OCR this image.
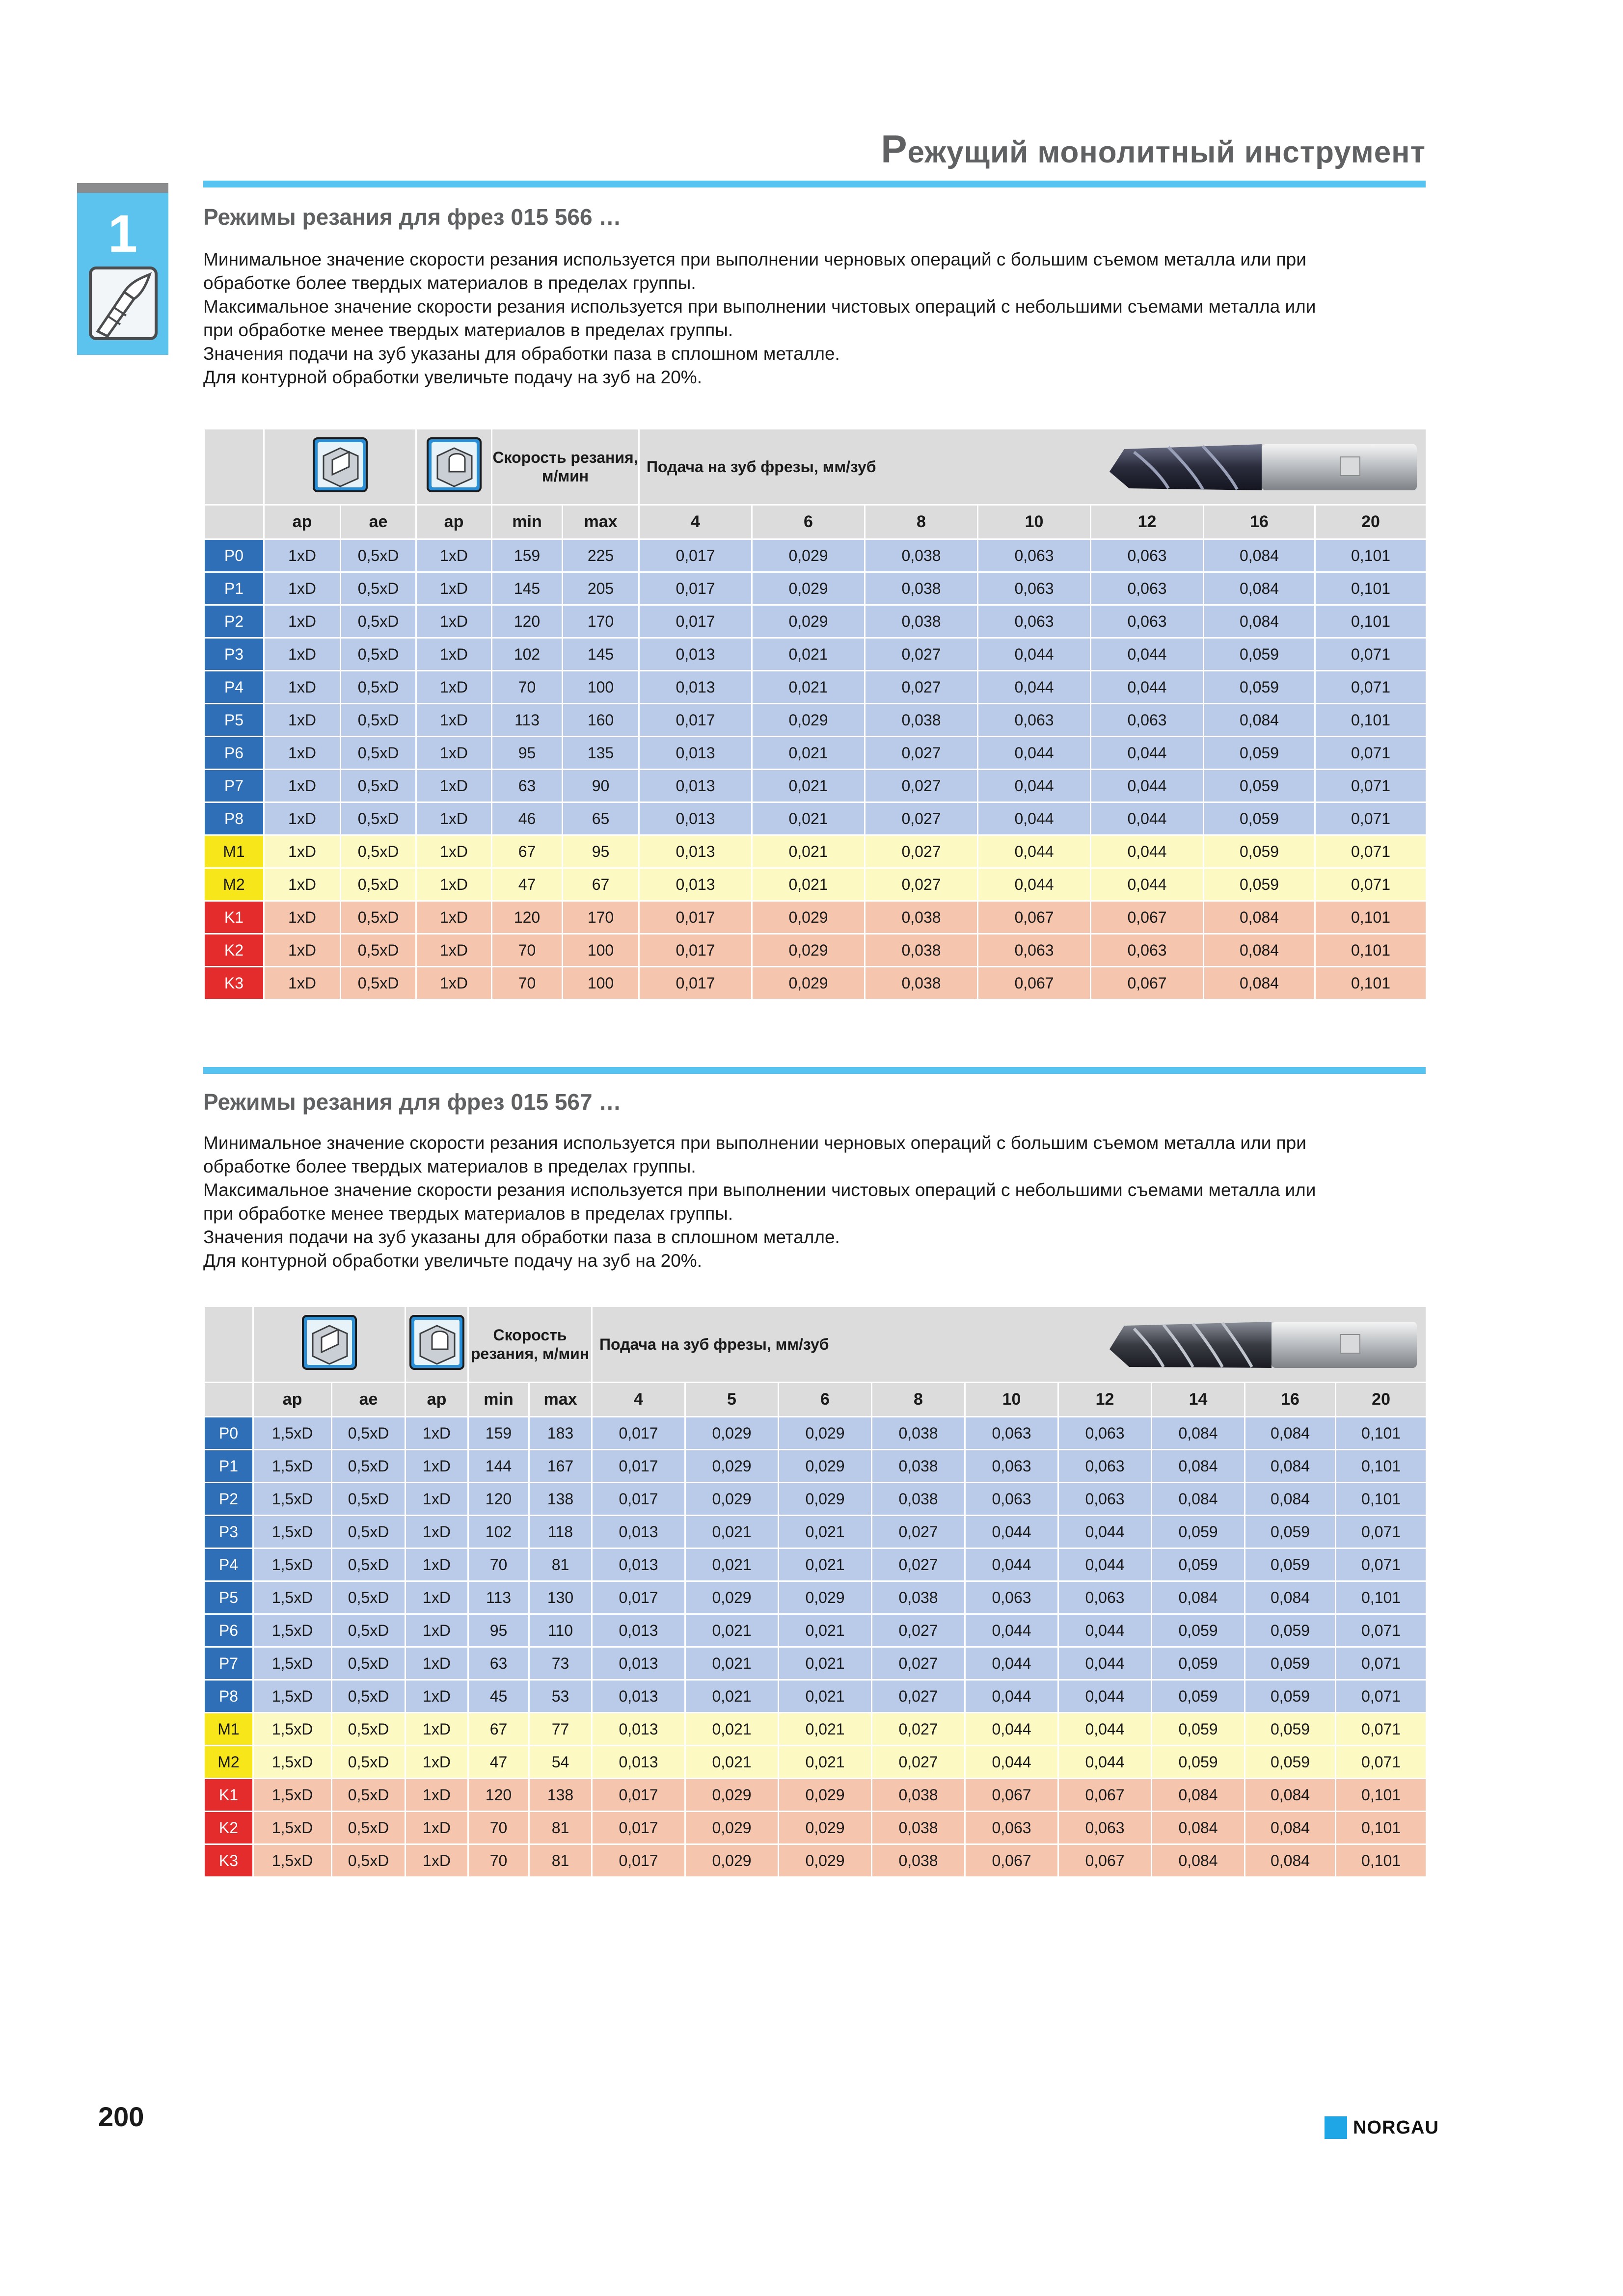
Режущий монолитный инструмент
1	Режимы резания для фрез 015 566 …

Минимальное значение скорости резания используется при выполнении черновых операций с большим съемом металла или при

обработке более твердых материалов в пределах группы.

Максимальное значение скорости резания используется при выполнении чистовых операций с небольшими съемами металла или

при обработке менее твердых материалов в пределах группы.

Значения подачи на зуб указаны для обработки паза в сплошном металле.

Для контурной обработки увеличьте подачу на зуб на 20%.

Скорость резания, м/мин		Подача на зуб фрезы, мм/зуб						

	ap	ae	ap	min	max	4	6	8	10	12	16	20
P0	1xD	0,5xD	1xD	159	225	0,017	0,029	0,038	0,063	0,063	0,084	0,101
P1	1xD	0,5xD	1xD	145	205	0,017	0,029	0,038	0,063	0,063	0,084	0,101
P2	1xD	0,5xD	1xD	120	170	0,017	0,029	0,038	0,063	0,063	0,084	0,101
P3	1xD	0,5xD	1xD	102	145	0,013	0,021	0,027	0,044	0,044	0,059	0,071
P4	1xD	0,5xD	1xD	70	100	0,013	0,021	0,027	0,044	0,044	0,059	0,071
P5	1xD	0,5xD	1xD	113	160	0,017	0,029	0,038	0,063	0,063	0,084	0,101
P6	1xD	0,5xD	1xD	95	135	0,013	0,021	0,027	0,044	0,044	0,059	0,071
P7	1xD	0,5xD	1xD	63	90	0,013	0,021	0,027	0,044	0,044	0,059	0,071
P8	1xD	0,5xD	1xD	46	65	0,013	0,021	0,027	0,044	0,044	0,059	0,071
M1	1xD	0,5xD	1xD	67	95	0,013	0,021	0,027	0,044	0,044	0,059	0,071
M2	1xD	0,5xD	1xD	47	67	0,013	0,021	0,027	0,044	0,044	0,059	0,071
K1	1xD	0,5xD	1xD	120	170	0,017	0,029	0,038	0,067	0,067	0,084	0,101
K2	1xD	0,5xD	1xD	70	100	0,017	0,029	0,038	0,063	0,063	0,084	0,101
K3	1xD	0,5xD	1xD	70	100	0,017	0,029	0,038	0,067	0,067	0,084	0,101
Режимы резания для фрез 015 567 …

Минимальное значение скорости резания используется при выполнении черновых операций с большим съемом металла или при

обработке более твердых материалов в пределах группы.

Максимальное значение скорости резания используется при выполнении чистовых операций с небольшими съемами металла или

при обработке менее твердых материалов в пределах группы.

Значения подачи на зуб указаны для обработки паза в сплошном металле.

Для контурной обработки увеличьте подачу на зуб на 20%.

Скорость резания, м/мин		Подача на зуб фрезы, мм/зуб								

	ap	ae	ap	min	max	4	5	6	8	10	12	14	16	20
P0	1,5xD	0,5xD	1xD	159	183	0,017	0,029	0,029	0,038	0,063	0,063	0,084	0,084	0,101
P1	1,5xD	0,5xD	1xD	144	167	0,017	0,029	0,029	0,038	0,063	0,063	0,084	0,084	0,101
P2	1,5xD	0,5xD	1xD	120	138	0,017	0,029	0,029	0,038	0,063	0,063	0,084	0,084	0,101
P3	1,5xD	0,5xD	1xD	102	118	0,013	0,021	0,021	0,027	0,044	0,044	0,059	0,059	0,071
P4	1,5xD	0,5xD	1xD	70	81	0,013	0,021	0,021	0,027	0,044	0,044	0,059	0,059	0,071
P5	1,5xD	0,5xD	1xD	113	130	0,017	0,029	0,029	0,038	0,063	0,063	0,084	0,084	0,101
P6	1,5xD	0,5xD	1xD	95	110	0,013	0,021	0,021	0,027	0,044	0,044	0,059	0,059	0,071
P7	1,5xD	0,5xD	1xD	63	73	0,013	0,021	0,021	0,027	0,044	0,044	0,059	0,059	0,071
P8	1,5xD	0,5xD	1xD	45	53	0,013	0,021	0,021	0,027	0,044	0,044	0,059	0,059	0,071
M1	1,5xD	0,5xD	1xD	67	77	0,013	0,021	0,021	0,027	0,044	0,044	0,059	0,059	0,071
M2	1,5xD	0,5xD	1xD	47	54	0,013	0,021	0,021	0,027	0,044	0,044	0,059	0,059	0,071
K1	1,5xD	0,5xD	1xD	120	138	0,017	0,029	0,029	0,038	0,067	0,067	0,084	0,084	0,101
K2	1,5xD	0,5xD	1xD	70	81	0,017	0,029	0,029	0,038	0,063	0,063	0,084	0,084	0,101
K3	1,5xD	0,5xD	1xD	70	81	0,017	0,029	0,029	0,038	0,067	0,067	0,084	0,084	0,101
200	NORGAU
